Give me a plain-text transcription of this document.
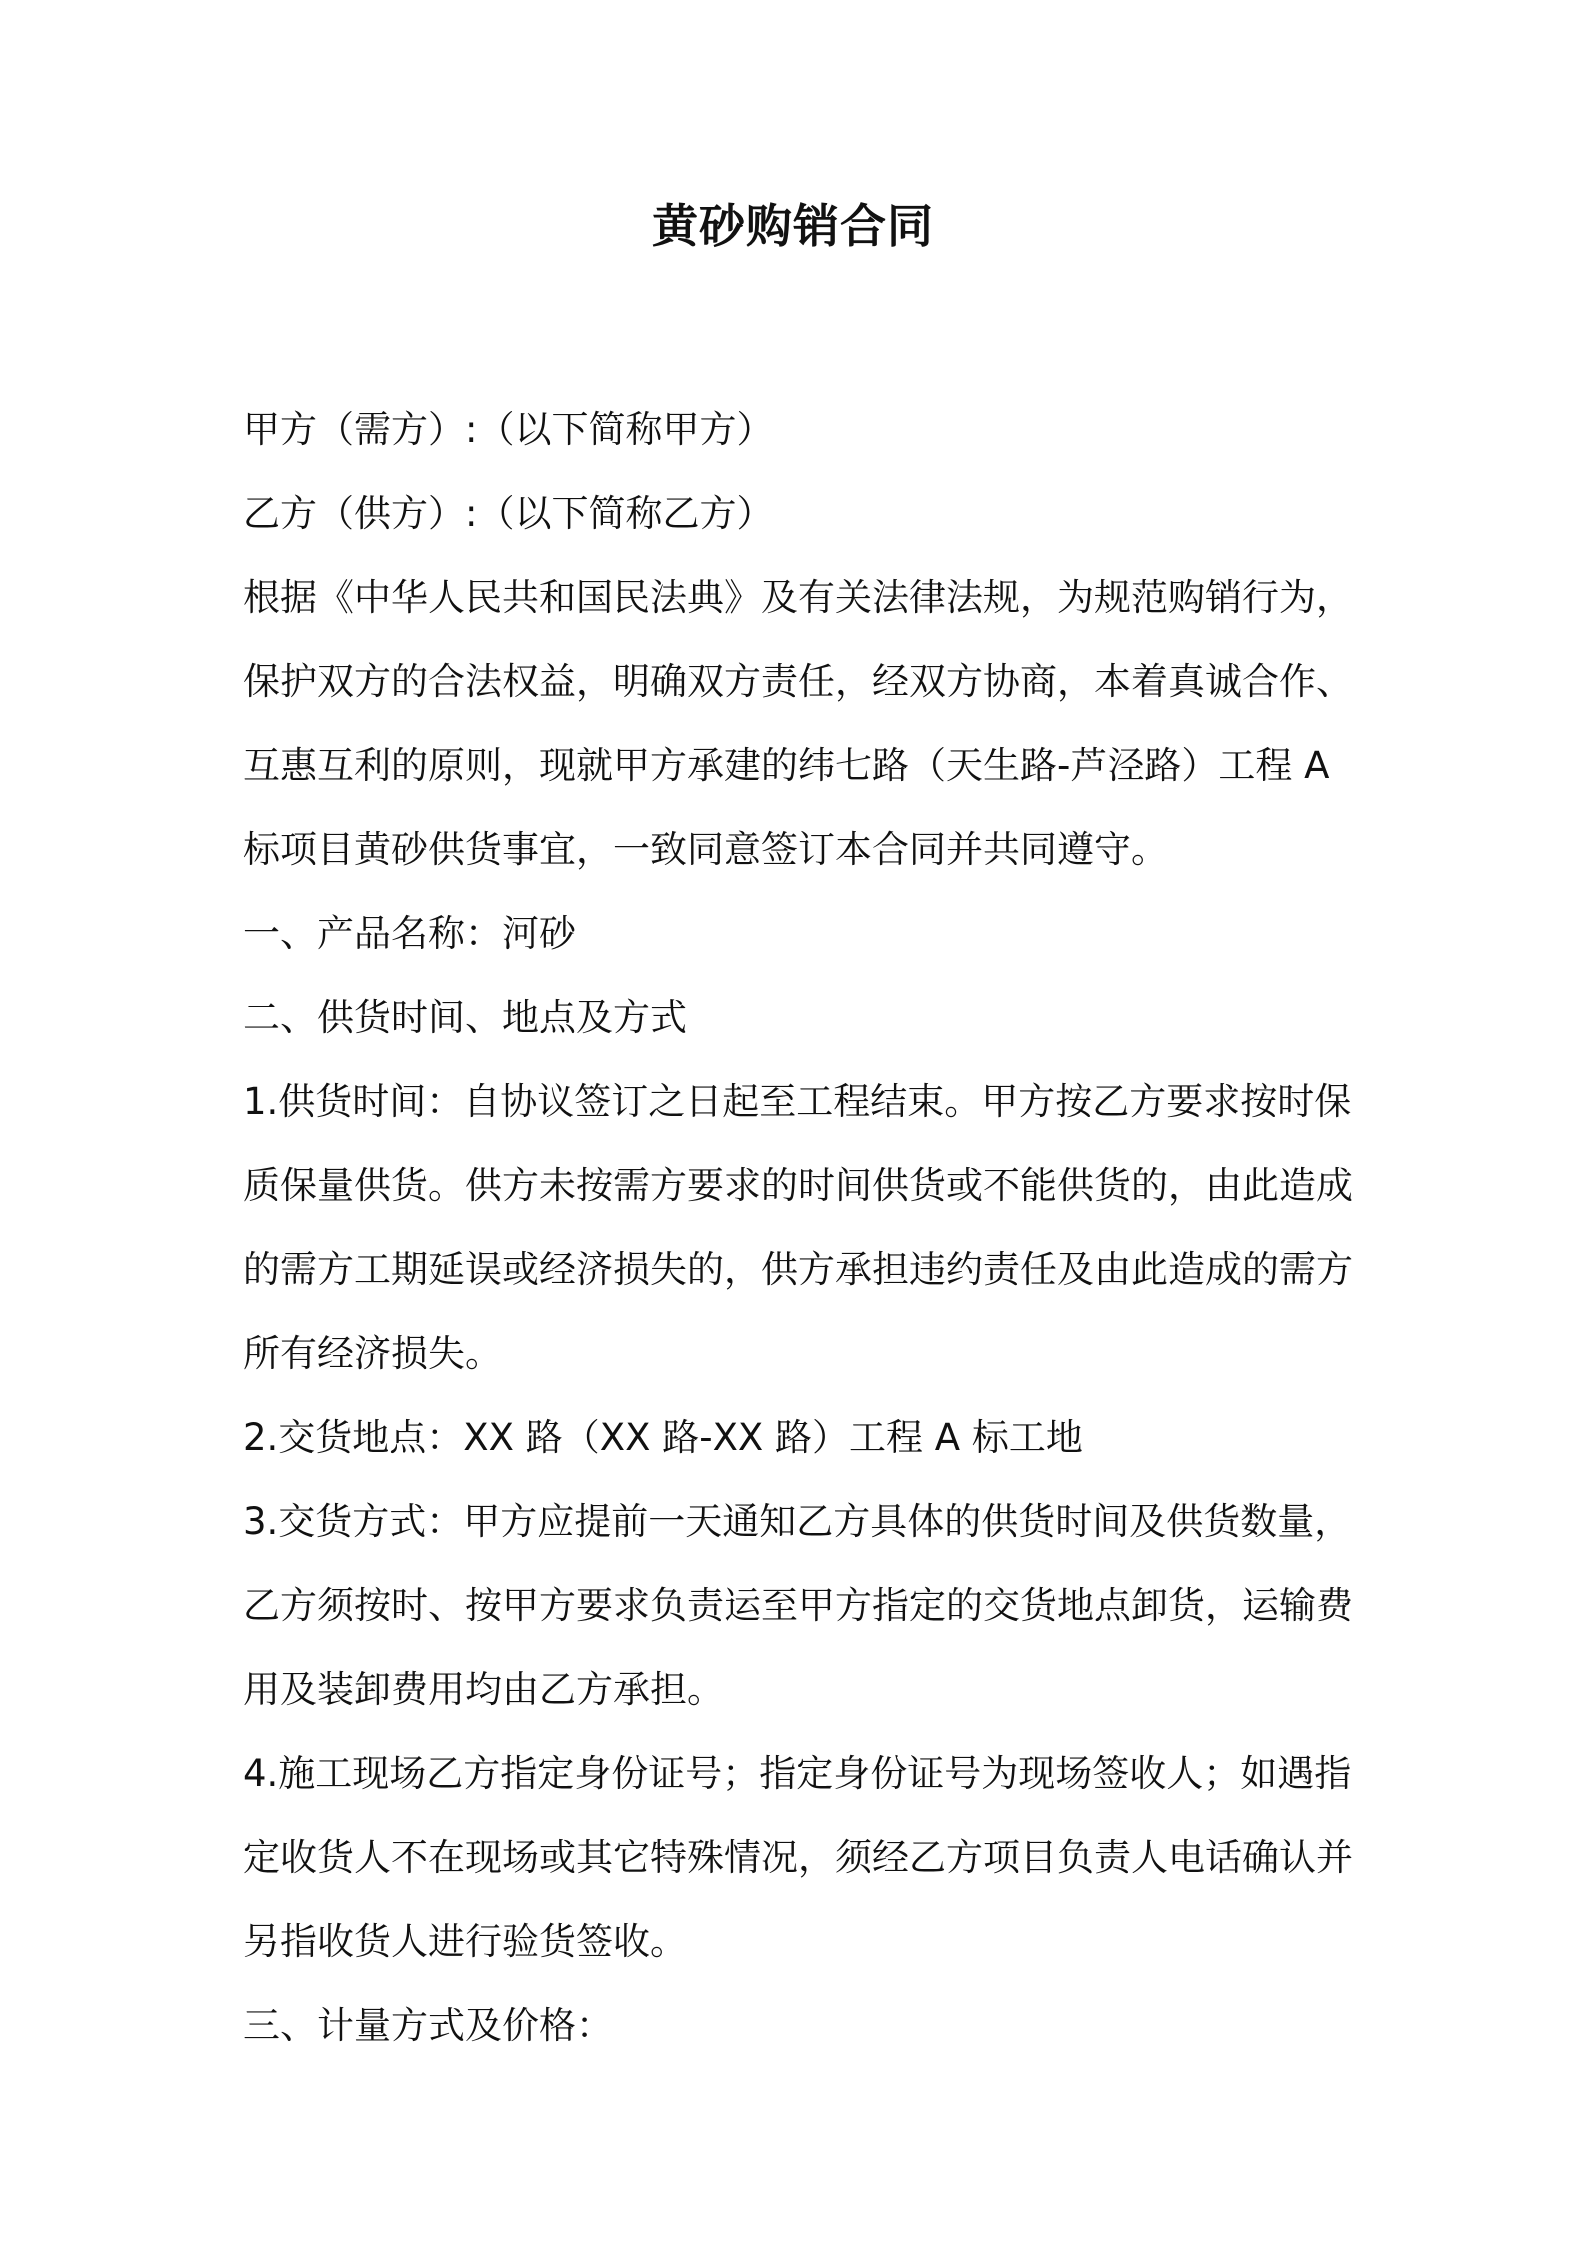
黄砂购销合同

甲方（需方）:（以下简称甲方）

乙方（供方）:（以下简称乙方）

根据《中华人民共和国民法典》及有关法律法规，为规范购销行为，

保护双方的合法权益，明确双方责任，经双方协商，本着真诚合作、

互惠互利的原则，现就甲方承建的纬七路（天生路-芦泾路）工程 A

标项目黄砂供货事宜，一致同意签订本合同并共同遵守。

一、产品名称：河砂

二、供货时间、地点及方式

1.供货时间：自协议签订之日起至工程结束。甲方按乙方要求按时保

质保量供货。供方未按需方要求的时间供货或不能供货的，由此造成

的需方工期延误或经济损失的，供方承担违约责任及由此造成的需方

所有经济损失。

2.交货地点：XX 路（XX 路-XX 路）工程 A 标工地

3.交货方式：甲方应提前一天通知乙方具体的供货时间及供货数量，

乙方须按时、按甲方要求负责运至甲方指定的交货地点卸货，运输费

用及装卸费用均由乙方承担。

4.施工现场乙方指定身份证号；指定身份证号为现场签收人；如遇指

定收货人不在现场或其它特殊情况，须经乙方项目负责人电话确认并

另指收货人进行验货签收。

三、计量方式及价格：
